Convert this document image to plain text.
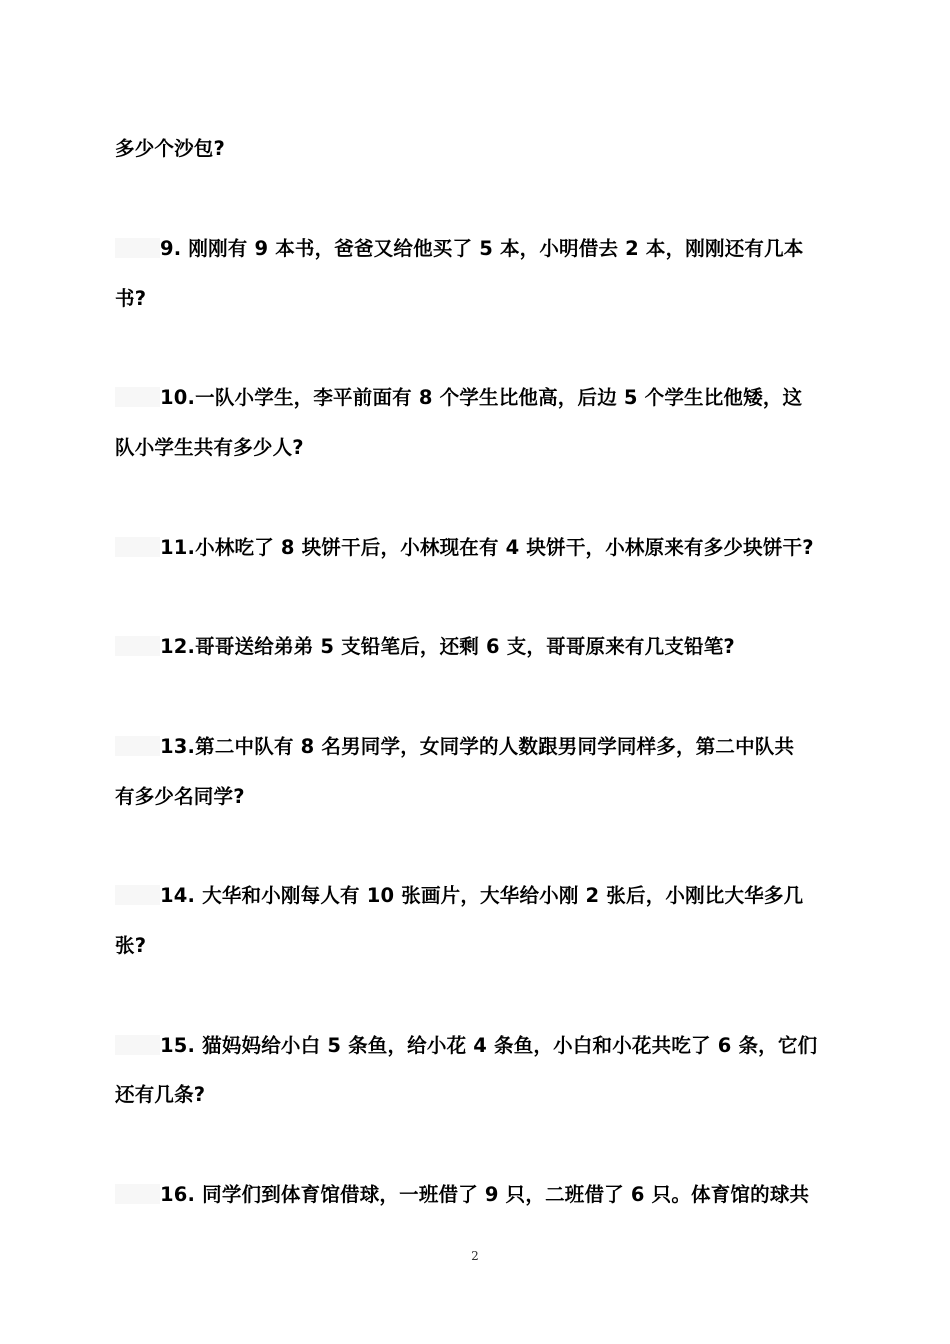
多少个沙包?
9. 刚刚有 9 本书，爸爸又给他买了 5 本，小明借去 2 本，刚刚还有几本
书?
10.一队小学生，李平前面有 8 个学生比他高，后边 5 个学生比他矮，这
队小学生共有多少人?
11.小林吃了 8 块饼干后，小林现在有 4 块饼干，小林原来有多少块饼干?
12.哥哥送给弟弟 5 支铅笔后，还剩 6 支，哥哥原来有几支铅笔?
13.第二中队有 8 名男同学，女同学的人数跟男同学同样多，第二中队共
有多少名同学?
14. 大华和小刚每人有 10 张画片，大华给小刚 2 张后，小刚比大华多几
张?
15. 猫妈妈给小白 5 条鱼，给小花 4 条鱼，小白和小花共吃了 6 条，它们
还有几条?
16. 同学们到体育馆借球，一班借了 9 只，二班借了 6 只。体育馆的球共
2
